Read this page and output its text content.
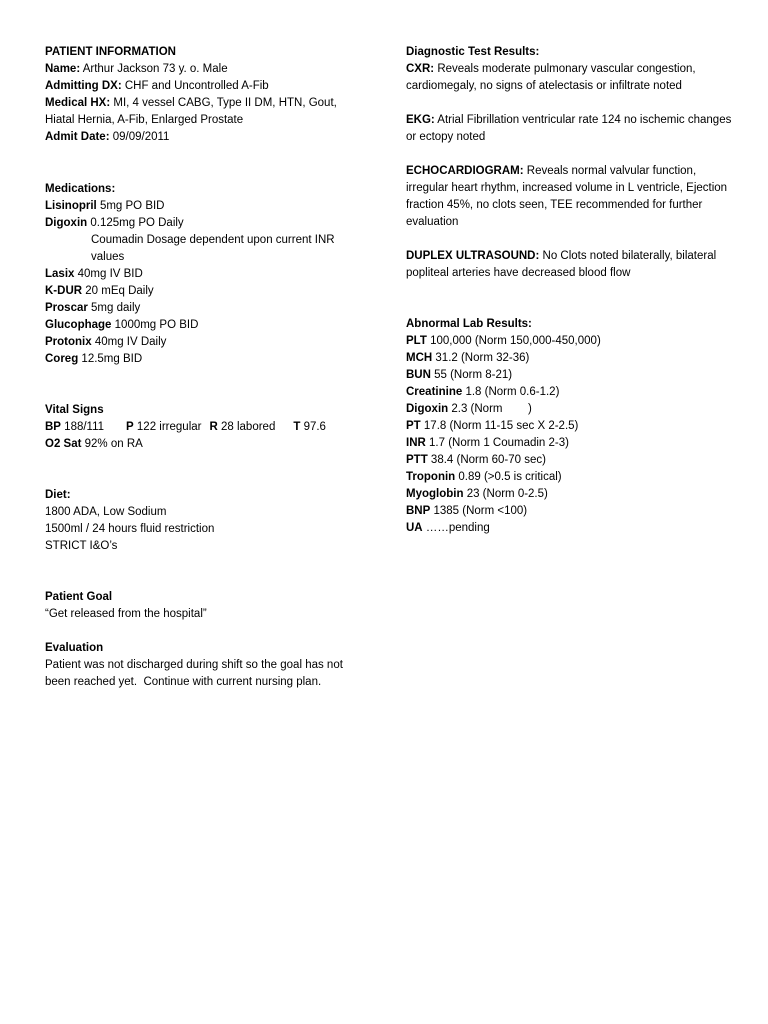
PATIENT INFORMATION

Name: Arthur Jackson 73 y. o. Male

Admitting DX: CHF and Uncontrolled A-Fib

Medical HX: MI, 4 vessel CABG, Type II DM, HTN, Gout, Hiatal Hernia, A-Fib, Enlarged Prostate

Admit Date: 09/09/2011

Medications:

Lisinopril 5mg PO BID

Digoxin 0.125mg PO Daily

Coumadin Dosage dependent upon current INR values

Lasix 40mg IV BID

K-DUR 20 mEq Daily

Proscar 5mg daily

Glucophage 1000mg PO BID

Protonix 40mg IV Daily

Coreg 12.5mg BID

Vital Signs

BP 188/111 P 122 irregular R 28 labored T 97.6

O2 Sat 92% on RA

Diet:

1800 ADA, Low Sodium

1500ml / 24 hours fluid restriction

STRICT I&O’s

Patient Goal

“Get released from the hospital”

Evaluation

Patient was not discharged during shift so the goal has not been reached yet.  Continue with current nursing plan.

Diagnostic Test Results:

CXR: Reveals moderate pulmonary vascular congestion, cardiomegaly, no signs of atelectasis or infiltrate noted

EKG: Atrial Fibrillation ventricular rate 124 no ischemic changes or ectopy noted

ECHOCARDIOGRAM: Reveals normal valvular function, irregular heart rhythm, increased volume in L ventricle, Ejection fraction 45%, no clots seen, TEE recommended for further evaluation

DUPLEX ULTRASOUND: No Clots noted bilaterally, bilateral popliteal arteries have decreased blood flow

Abnormal Lab Results:

PLT 100,000 (Norm 150,000-450,000)

MCH 31.2 (Norm 32-36)

BUN 55 (Norm 8-21)

Creatinine 1.8 (Norm 0.6-1.2)

Digoxin 2.3 (Norm        )

PT 17.8 (Norm 11-15 sec X 2-2.5)

INR 1.7 (Norm 1 Coumadin 2-3)

PTT 38.4 (Norm 60-70 sec)

Troponin 0.89 (>0.5 is critical)

Myoglobin 23 (Norm 0-2.5)

BNP 1385 (Norm <100)

UA ……pending
